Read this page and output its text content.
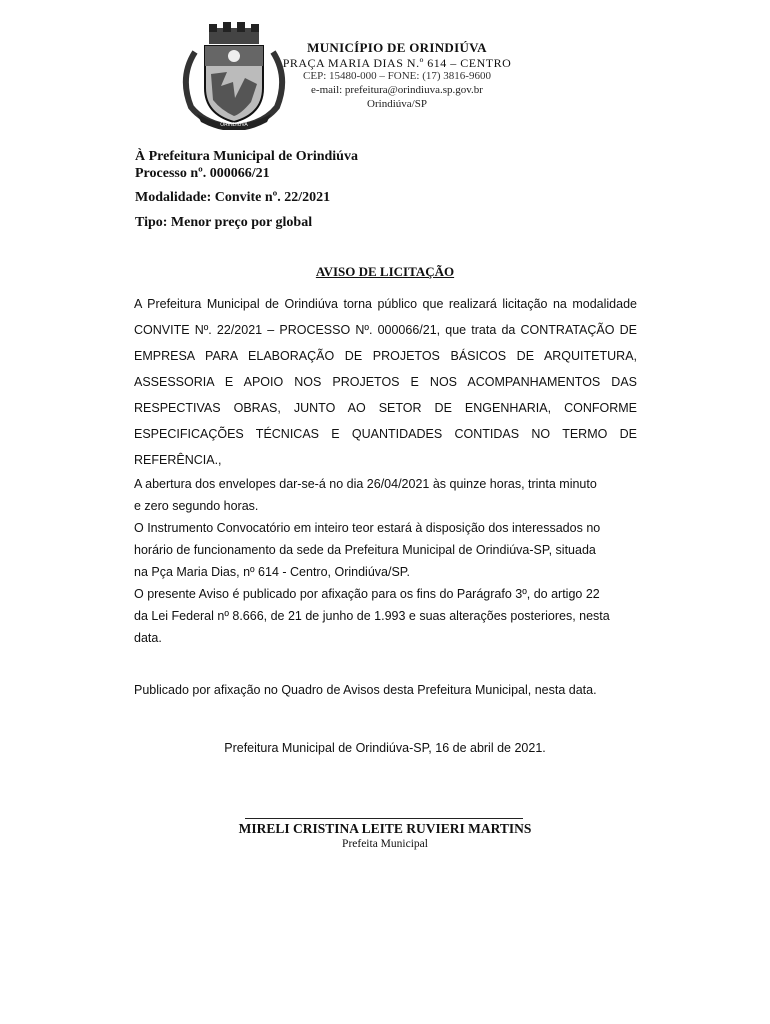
ORINDIÚVA
MUNICÍPIO DE ORINDIÚVA
PRAÇA MARIA DIAS N.º 614 – CENTRO
CEP: 15480-000 – FONE: (17) 3816-9600
e-mail: prefeitura@orindiuva.sp.gov.br
Orindiúva/SP
À Prefeitura Municipal de Orindiúva
Processo nº. 000066/21
Modalidade: Convite nº. 22/2021
Tipo: Menor preço por global
AVISO DE LICITAÇÃO

A Prefeitura Municipal de Orindiúva torna público que realizará licitação na modalidade CONVITE Nº. 22/2021 – PROCESSO Nº. 000066/21, que trata da CONTRATAÇÃO DE EMPRESA PARA ELABORAÇÃO DE PROJETOS BÁSICOS DE ARQUITETURA, ASSESSORIA E APOIO NOS PROJETOS E NOS ACOMPANHAMENTOS DAS RESPECTIVAS OBRAS, JUNTO AO SETOR DE ENGENHARIA, CONFORME ESPECIFICAÇÕES TÉCNICAS E QUANTIDADES CONTIDAS NO TERMO DE REFERÊNCIA.,

A abertura dos envelopes dar-se-á no dia 26/04/2021 às quinze horas, trinta minuto
e zero segundo horas.
O Instrumento Convocatório em inteiro teor estará à disposição dos interessados no
horário de funcionamento da sede da Prefeitura Municipal de Orindiúva-SP, situada
na Pça Maria Dias, nº 614 - Centro, Orindiúva/SP.
O presente Aviso é publicado por afixação para os fins do Parágrafo 3º, do artigo 22
da Lei Federal nº 8.666, de 21 de junho de 1.993 e suas alterações posteriores, nesta
data.

Publicado por afixação no Quadro de Avisos desta Prefeitura Municipal, nesta data.
Prefeitura Municipal de Orindiúva-SP, 16 de abril de 2021.
MIRELI CRISTINA LEITE RUVIERI MARTINS
Prefeita Municipal
